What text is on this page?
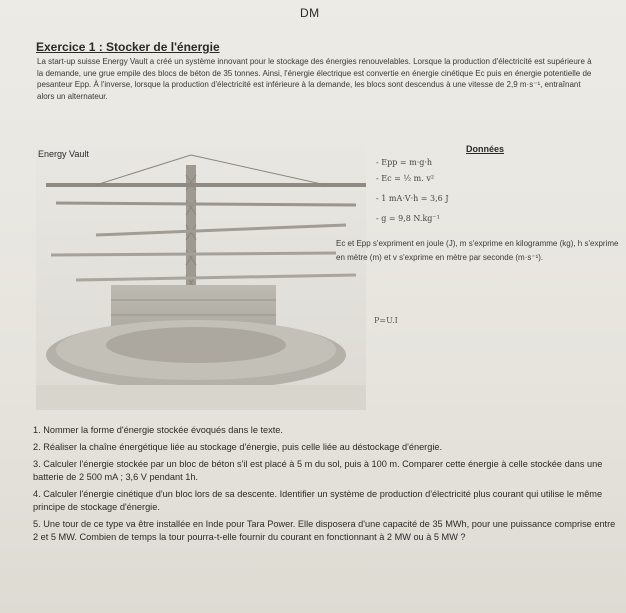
DM
Exercice 1 : Stocker de l'énergie
La start-up suisse Energy Vault a créé un système innovant pour le stockage des énergies renouvelables. Lorsque la production d'électricité est supérieure à la demande, une grue empile des blocs de béton de 35 tonnes. Ainsi, l'énergie électrique est convertie en énergie cinétique Ec puis en énergie potentielle de pesanteur Epp. À l'inverse, lorsque la production d'électricité est inférieure à la demande, les blocs sont descendus à une vitesse de 2,9 m·s⁻¹, entraînant alors un alternateur.
Energy Vault	Données
- Epp = m·g·h
- Ec = ½ m. v²
- 1 mA·V·h = 3,6 J
- g = 9,8 N.kg⁻¹
Ec et Epp s'expriment en joule (J), m s'exprime en kilogramme (kg), h s'exprime en mètre (m) et v s'exprime en mètre par seconde (m·s⁻¹).
P=U.I
1. Nommer la forme d'énergie stockée évoqués dans le texte.
2. Réaliser la chaîne énergétique liée au stockage d'énergie, puis celle liée au déstockage d'énergie.
3. Calculer l'énergie stockée par un bloc de béton s'il est placé à 5 m du sol, puis à 100 m. Comparer cette énergie à celle stockée dans une batterie de 2 500 mA ; 3,6 V pendant 1h.
4. Calculer l'énergie cinétique d'un bloc lors de sa descente. Identifier un système de production d'électricité plus courant qui utilise le même principe de stockage d'énergie.
5. Une tour de ce type va être installée en Inde pour Tara Power. Elle disposera d'une capacité de 35 MWh, pour une puissance comprise entre 2 et 5 MW. Combien de temps la tour pourra-t-elle fournir du courant en fonctionnant à 2 MW ou à 5 MW ?
